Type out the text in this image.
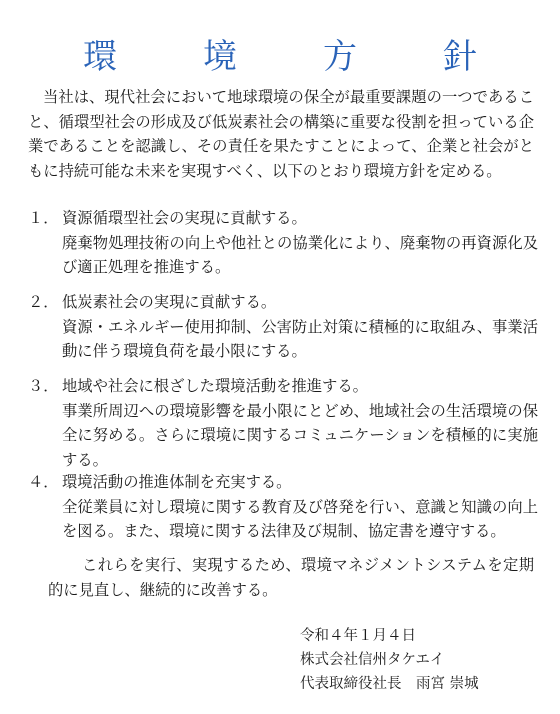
環　境　方　針

当社は、現代社会において地球環境の保全が最重要課題の一つであること、循環型社会の形成及び低炭素社会の構築に重要な役割を担っている企業であることを認識し、その責任を果たすことによって、企業と社会がともに持続可能な未来を実現すべく、以下のとおり環境方針を定める。

１． 資源循環型社会の実現に貢献する。
廃棄物処理技術の向上や他社との協業化により、廃棄物の再資源化及び適正処理を推進する。
２． 低炭素社会の実現に貢献する。
資源・エネルギー使用抑制、公害防止対策に積極的に取組み、事業活動に伴う環境負荷を最小限にする。
３． 地域や社会に根ざした環境活動を推進する。
事業所周辺への環境影響を最小限にとどめ、地域社会の生活環境の保全に努める。さらに環境に関するコミュニケーションを積極的に実施する。
４． 環境活動の推進体制を充実する。
全従業員に対し環境に関する教育及び啓発を行い、意識と知識の向上を図る。また、環境に関する法律及び規制、協定書を遵守する。

これらを実行、実現するため、環境マネジメントシステムを定期的に見直し、継続的に改善する。

令和４年１月４日
株式会社信州タケエイ
代表取締役社長　雨宮 崇城
